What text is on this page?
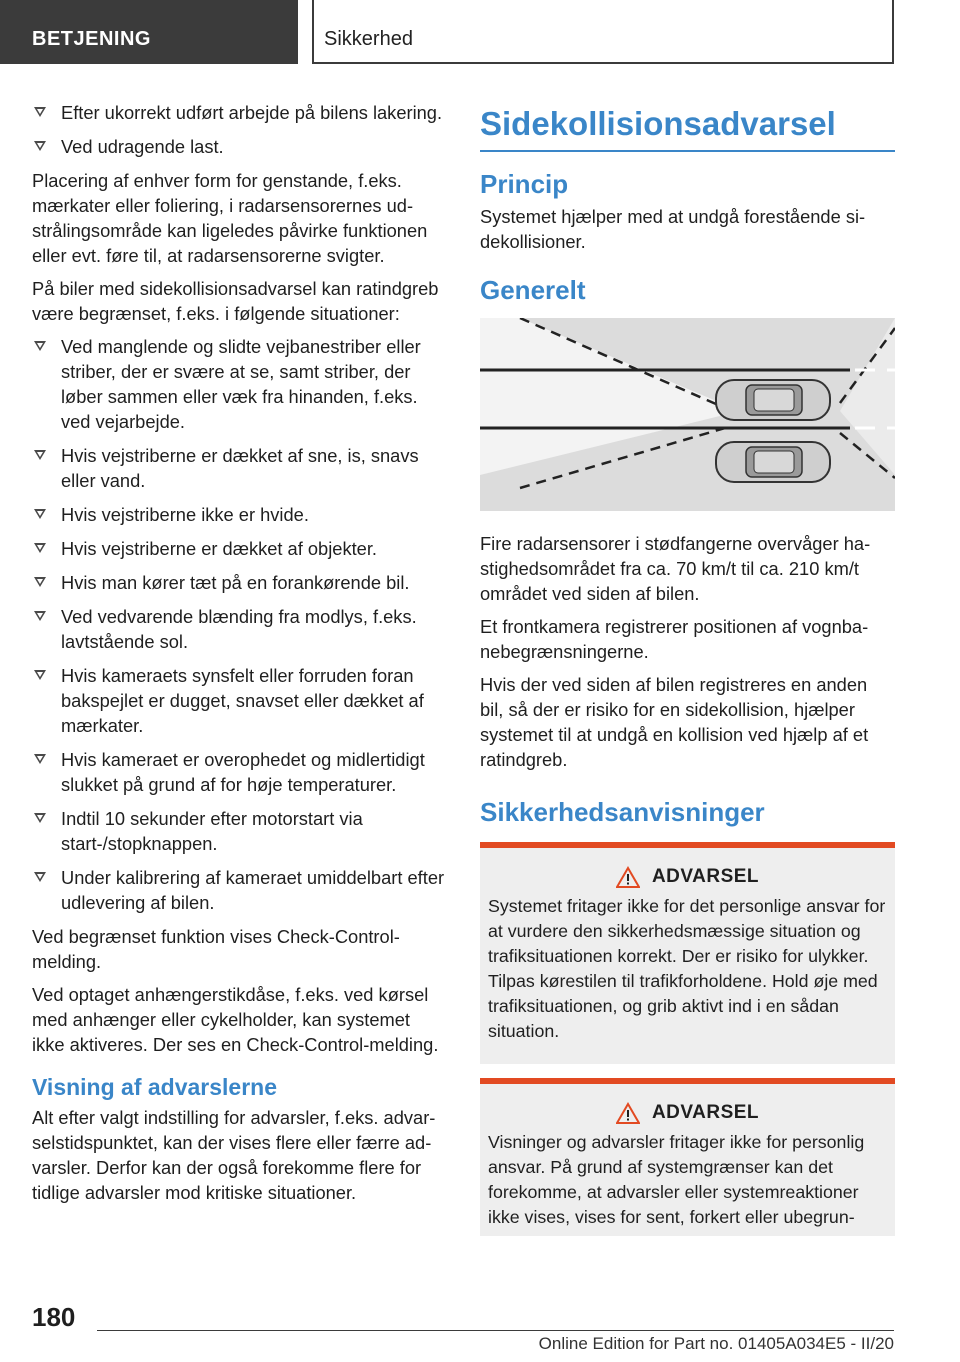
BETJENING	Sikkerhed
Efter ukorrekt udført arbejde på bilens lakering.
Ved udragende last.

Placering af enhver form for genstande, f.eks. mærkater eller foliering, i radarsensorernes udstrålingsområde kan ligeledes påvirke funktionen eller evt. føre til, at radarsensorerne svigter.

På biler med sidekollisionsadvarsel kan ratindgreb være begrænset, f.eks. i følgende situationer:

Ved manglende og slidte vejbanestriber eller striber, der er svære at se, samt striber, der løber sammen eller væk fra hinanden, f.eks. ved vejarbejde.
Hvis vejstriberne er dækket af sne, is, snavs eller vand.
Hvis vejstriberne ikke er hvide.
Hvis vejstriberne er dækket af objekter.
Hvis man kører tæt på en forankørende bil.
Ved vedvarende blænding fra modlys, f.eks. lavtstående sol.
Hvis kameraets synsfelt eller forruden foran bakspejlet er dugget, snavset eller dækket af mærkater.
Hvis kameraet er overophedet og midlertidigt slukket på grund af for høje temperaturer.
Indtil 10 sekunder efter motorstart via start-/stopknappen.
Under kalibrering af kameraet umiddelbart efter udlevering af bilen.

Ved begrænset funktion vises Check-Control-melding.

Ved optaget anhængerstikdåse, f.eks. ved kørsel med anhænger eller cykelholder, kan systemet ikke aktiveres. Der ses en Check-Control-melding.

Visning af advarslerne

Alt efter valgt indstilling for advarsler, f.eks. advarselstidspunktet, kan der vises flere eller færre advarsler. Derfor kan der også forekomme flere for tidlige advarsler mod kritiske situationer.

Sidekollisionsadvarsel
Princip

Systemet hjælper med at undgå forestående sidekollisioner.

Generelt

Fire radarsensorer i stødfangerne overvåger hastighedsområdet fra ca. 70 km/t til ca. 210 km/t området ved siden af bilen.

Et frontkamera registrerer positionen af vognbanebegrænsningerne.

Hvis der ved siden af bilen registreres en anden bil, så der er risiko for en sidekollision, hjælper systemet til at undgå en kollision ved hjælp af et ratindgreb.

Sikkerhedsanvisninger
ADVARSEL

Systemet fritager ikke for det personlige ansvar for at vurdere den sikkerhedsmæssige situation og trafiksituationen korrekt. Der er risiko for ulykker. Tilpas kørestilen til trafikforholdene. Hold øje med trafiksituationen, og grib aktivt ind i en sådan situation.

ADVARSEL

Visninger og advarsler fritager ikke for personlig ansvar. På grund af systemgrænser kan det forekomme, at advarsler eller systemreaktioner ikke vises, vises for sent, forkert eller ubegrun-

180
Online Edition for Part no. 01405A034E5 - II/20
